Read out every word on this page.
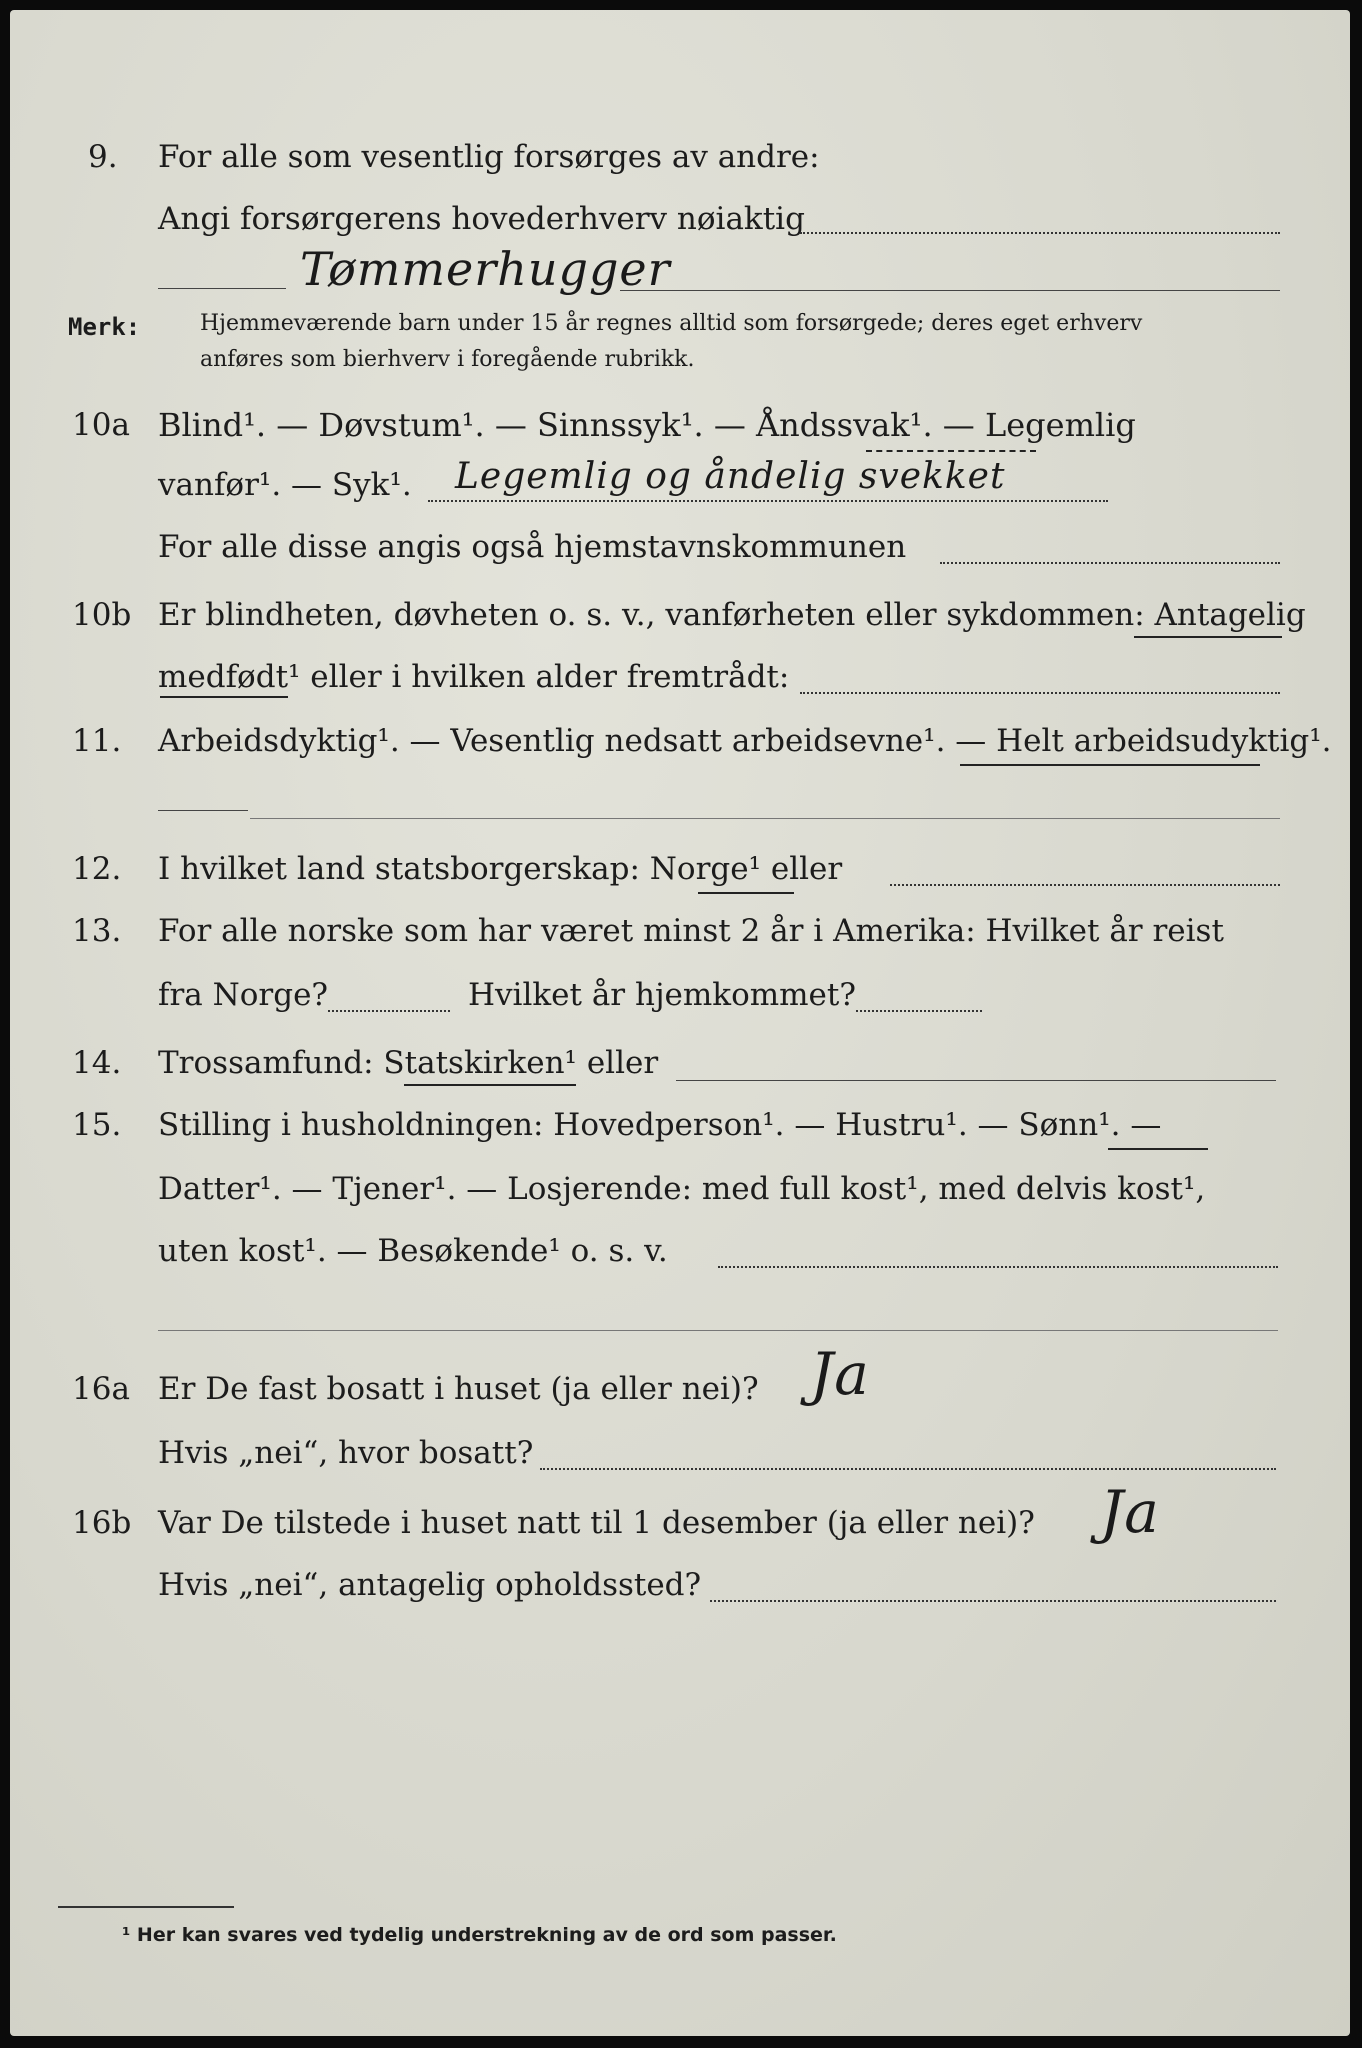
9. For alle som vesentlig forsørges av andre:
Angi forsørgerens hovederhverv nøiaktig
Tømmerhugger
Merk:	Hjemmeværende barn under 15 år regnes alltid som forsørgede; deres eget erhverv
anføres som bierhverv i foregående rubrikk.
10a Blind¹. — Døvstum¹. — Sinnssyk¹. — Åndssvak¹. — Legemlig
vanfør¹. — Syk¹. Legemlig og åndelig svekket
For alle disse angis også hjemstavnskommunen
10b Er blindheten, døvheten o. s. v., vanførheten eller sykdommen: Antagelig
medfødt¹ eller i hvilken alder fremtrådt:
11. Arbeidsdyktig¹. — Vesentlig nedsatt arbeidsevne¹. — Helt arbeidsudyktig¹.
12. I hvilket land statsborgerskap: Norge¹ eller
13. For alle norske som har været minst 2 år i Amerika: Hvilket år reist
fra Norge?	Hvilket år hjemkommet?
14. Trossamfund: Statskirken¹ eller
15. Stilling i husholdningen: Hovedperson¹. — Hustru¹. — Sønn¹. —
Datter¹. — Tjener¹. — Losjerende: med full kost¹, med delvis kost¹,
uten kost¹. — Besøkende¹ o. s. v.
16a Er De fast bosatt i huset (ja eller nei)? Ja
Hvis „nei“, hvor bosatt?
16b Var De tilstede i huset natt til 1 desember (ja eller nei)? Ja
Hvis „nei“, antagelig opholdssted?
¹ Her kan svares ved tydelig understrekning av de ord som passer.
